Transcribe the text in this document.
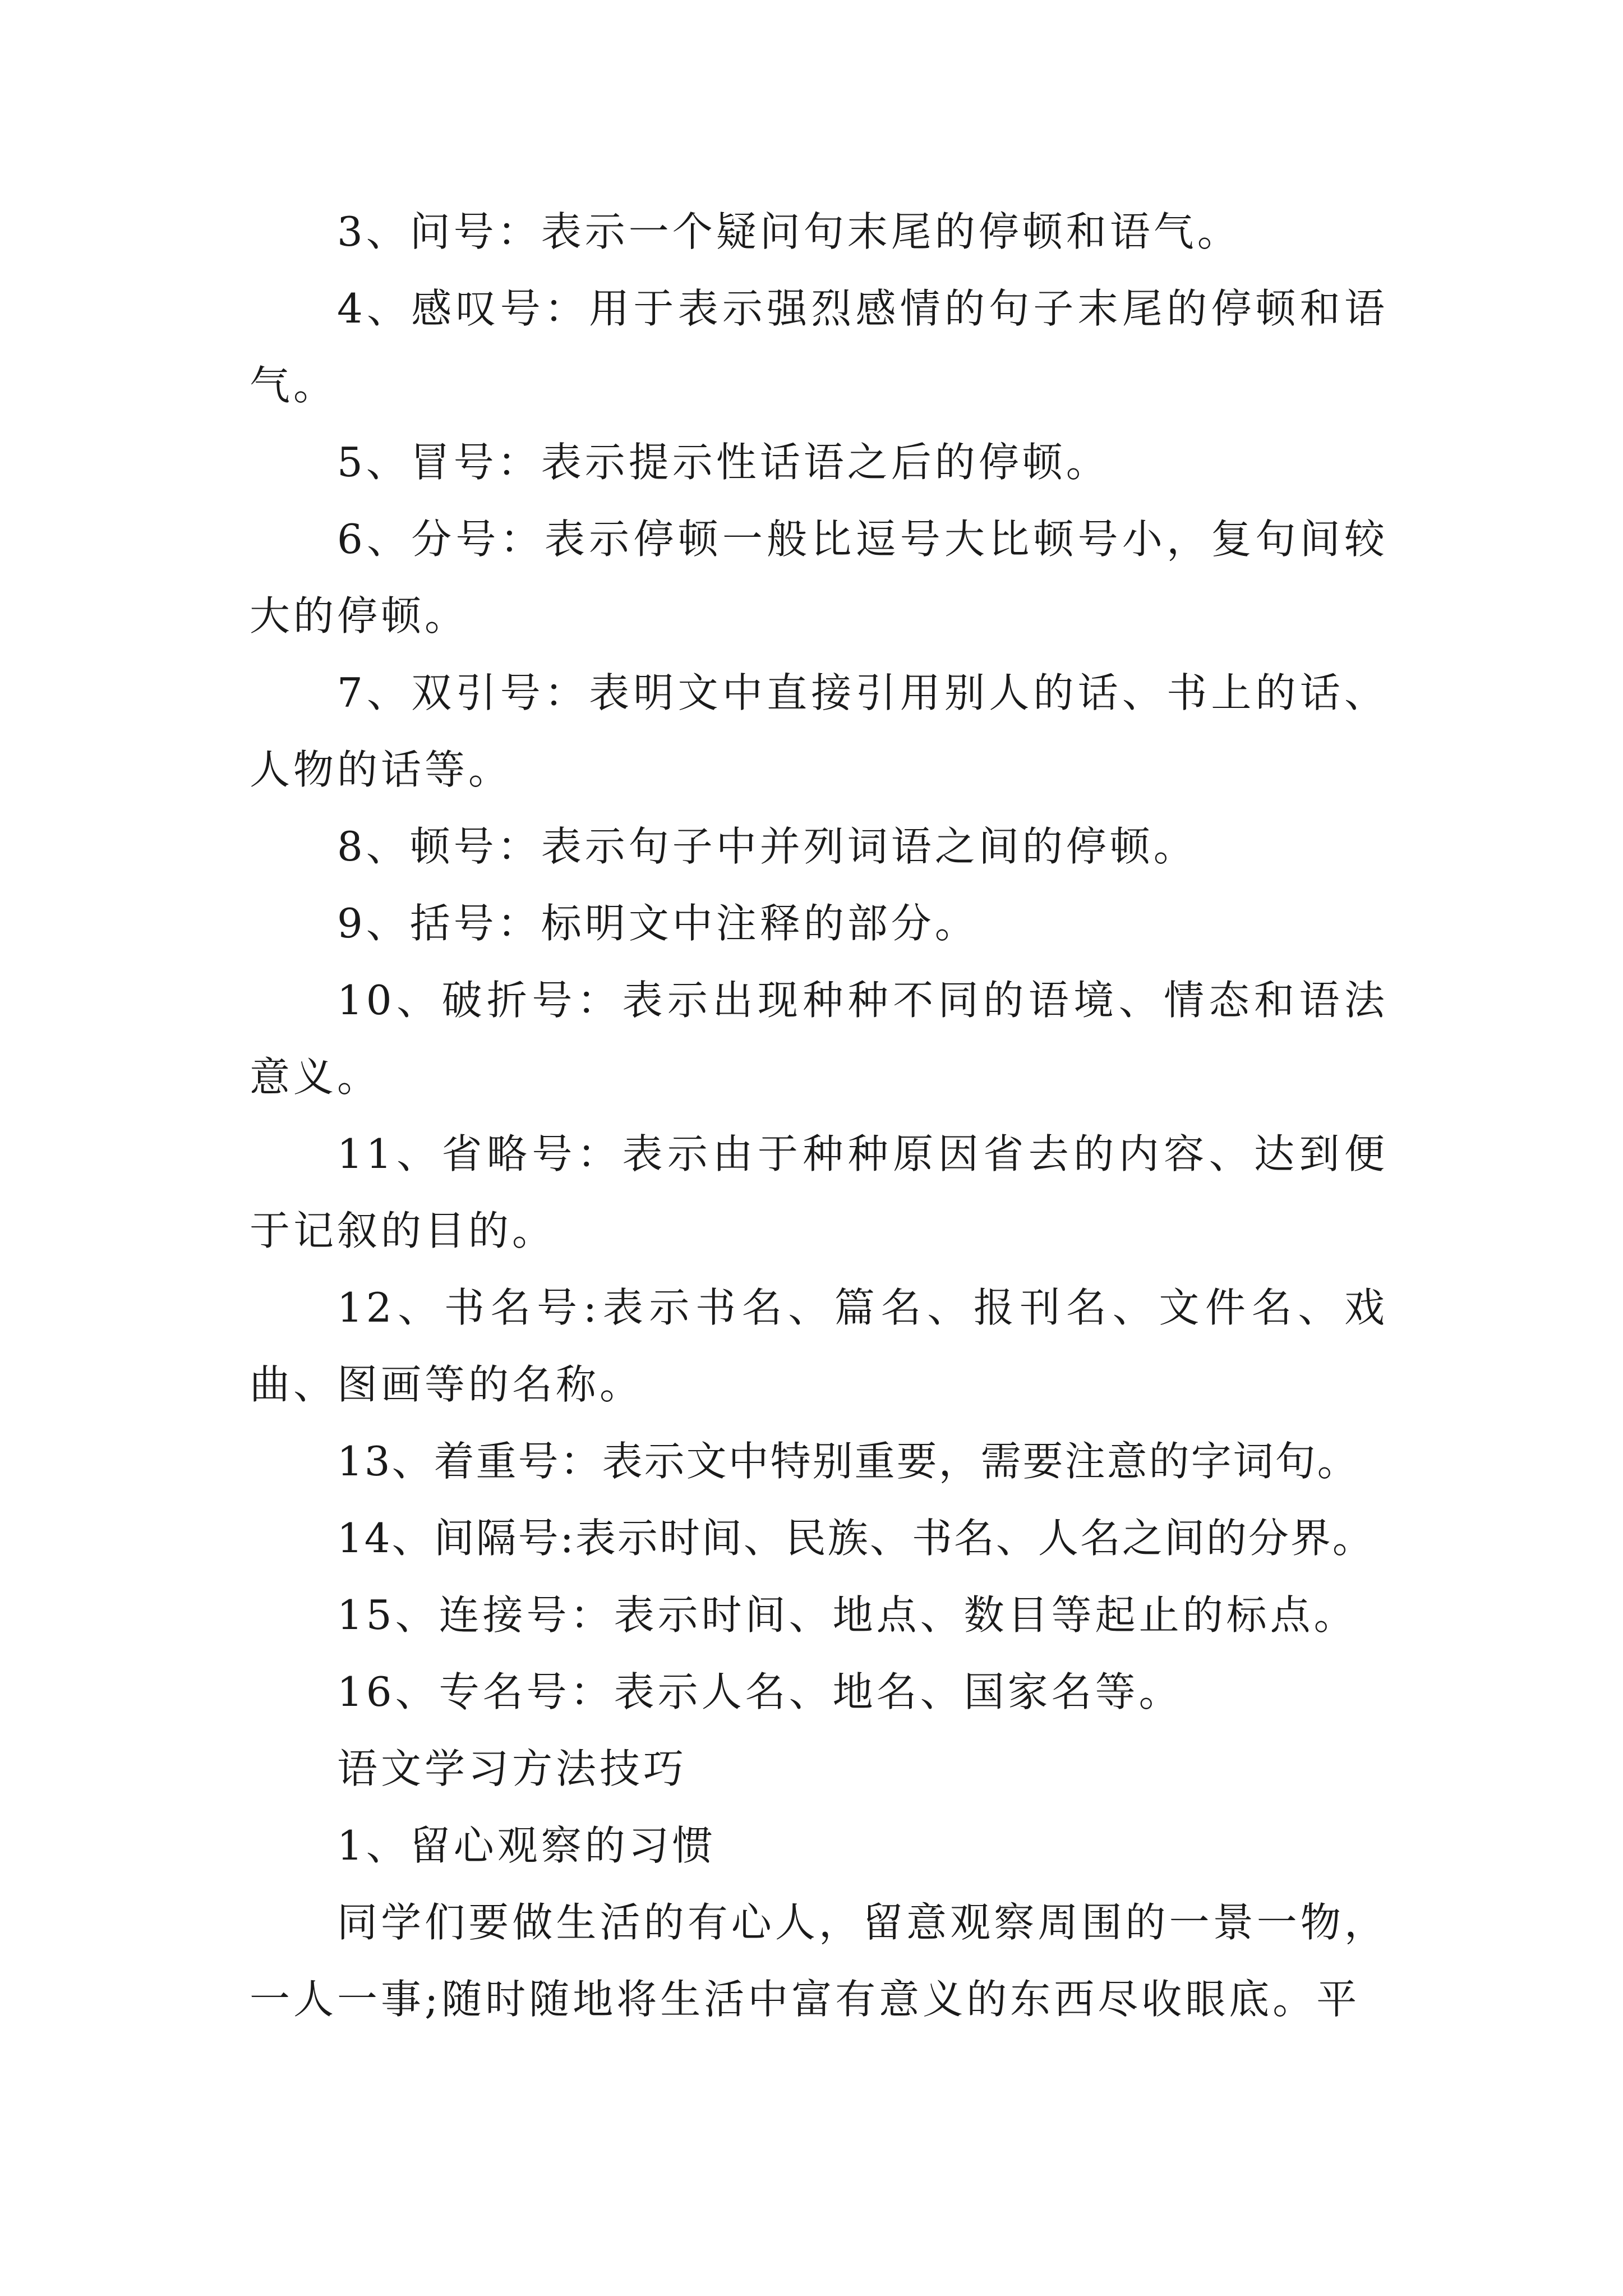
3、问号：表示一个疑问句末尾的停顿和语气。

4、感叹号：用于表示强烈感情的句子末尾的停顿和语气。

5、冒号：表示提示性话语之后的停顿。

6、分号：表示停顿一般比逗号大比顿号小，复句间较大的停顿。

7、双引号：表明文中直接引用别人的话、书上的话、人物的话等。

8、顿号：表示句子中并列词语之间的停顿。

9、括号：标明文中注释的部分。

10、破折号：表示出现种种不同的语境、情态和语法意义。

11、省略号：表示由于种种原因省去的内容、达到便于记叙的目的。

12、书名号:表示书名、篇名、报刊名、文件名、戏曲、图画等的名称。

13、着重号：表示文中特别重要，需要注意的字词句。

14、间隔号:表示时间、民族、书名、人名之间的分界。

15、连接号：表示时间、地点、数目等起止的标点。

16、专名号：表示人名、地名、国家名等。

语文学习方法技巧

1、留心观察的习惯

同学们要做生活的有心人，留意观察周围的一景一物，一人一事;随时随地将生活中富有意义的东西尽收眼底。平
